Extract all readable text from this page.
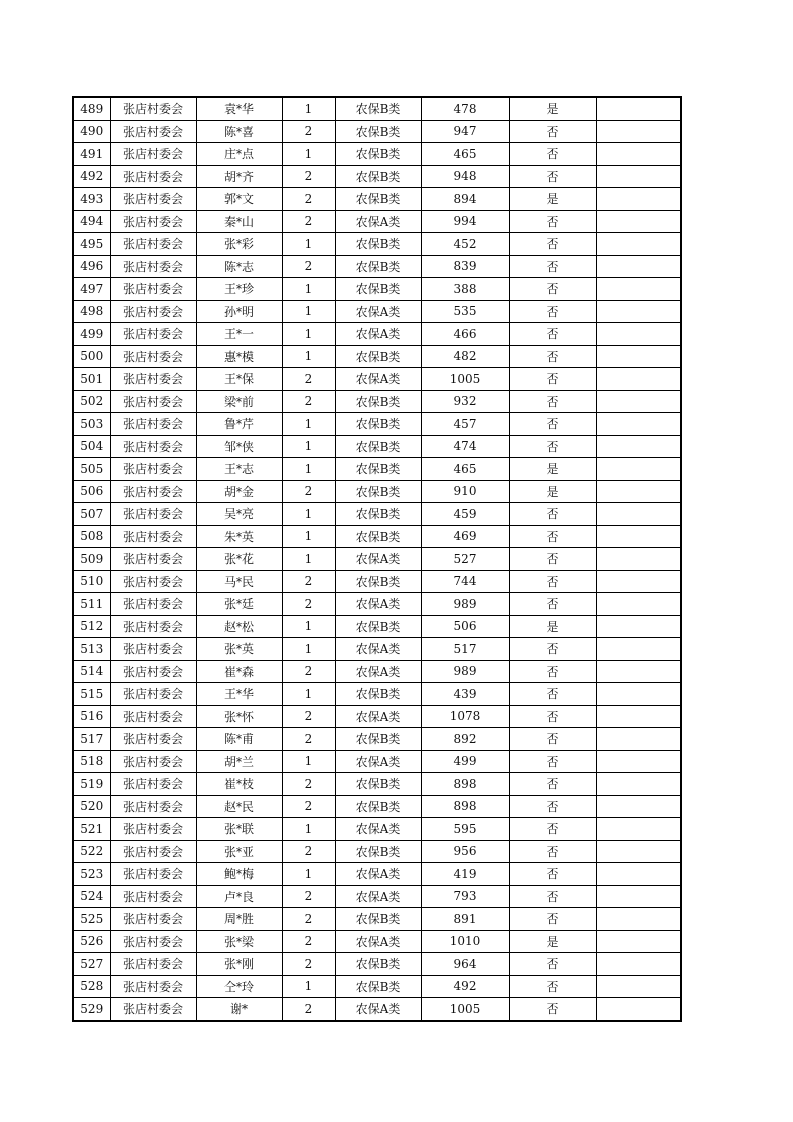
489	张店村委会	袁*华	1	农保B类	478	是	
490	张店村委会	陈*喜	2	农保B类	947	否	
491	张店村委会	庄*点	1	农保B类	465	否	
492	张店村委会	胡*齐	2	农保B类	948	否	
493	张店村委会	郭*文	2	农保B类	894	是	
494	张店村委会	秦*山	2	农保A类	994	否	
495	张店村委会	张*彩	1	农保B类	452	否	
496	张店村委会	陈*志	2	农保B类	839	否	
497	张店村委会	王*珍	1	农保B类	388	否	
498	张店村委会	孙*明	1	农保A类	535	否	
499	张店村委会	王*一	1	农保A类	466	否	
500	张店村委会	惠*模	1	农保B类	482	否	
501	张店村委会	王*保	2	农保A类	1005	否	
502	张店村委会	梁*前	2	农保B类	932	否	
503	张店村委会	鲁*芹	1	农保B类	457	否	
504	张店村委会	邹*侠	1	农保B类	474	否	
505	张店村委会	王*志	1	农保B类	465	是	
506	张店村委会	胡*金	2	农保B类	910	是	
507	张店村委会	吴*亮	1	农保B类	459	否	
508	张店村委会	朱*英	1	农保B类	469	否	
509	张店村委会	张*花	1	农保A类	527	否	
510	张店村委会	马*民	2	农保B类	744	否	
511	张店村委会	张*廷	2	农保A类	989	否	
512	张店村委会	赵*松	1	农保B类	506	是	
513	张店村委会	张*英	1	农保A类	517	否	
514	张店村委会	崔*森	2	农保A类	989	否	
515	张店村委会	王*华	1	农保B类	439	否	
516	张店村委会	张*怀	2	农保A类	1078	否	
517	张店村委会	陈*甫	2	农保B类	892	否	
518	张店村委会	胡*兰	1	农保A类	499	否	
519	张店村委会	崔*枝	2	农保B类	898	否	
520	张店村委会	赵*民	2	农保B类	898	否	
521	张店村委会	张*联	1	农保A类	595	否	
522	张店村委会	张*亚	2	农保B类	956	否	
523	张店村委会	鲍*梅	1	农保A类	419	否	
524	张店村委会	卢*良	2	农保A类	793	否	
525	张店村委会	周*胜	2	农保B类	891	否	
526	张店村委会	张*梁	2	农保A类	1010	是	
527	张店村委会	张*刚	2	农保B类	964	否	
528	张店村委会	仝*玲	1	农保B类	492	否	
529	张店村委会	谢*	2	农保A类	1005	否	
